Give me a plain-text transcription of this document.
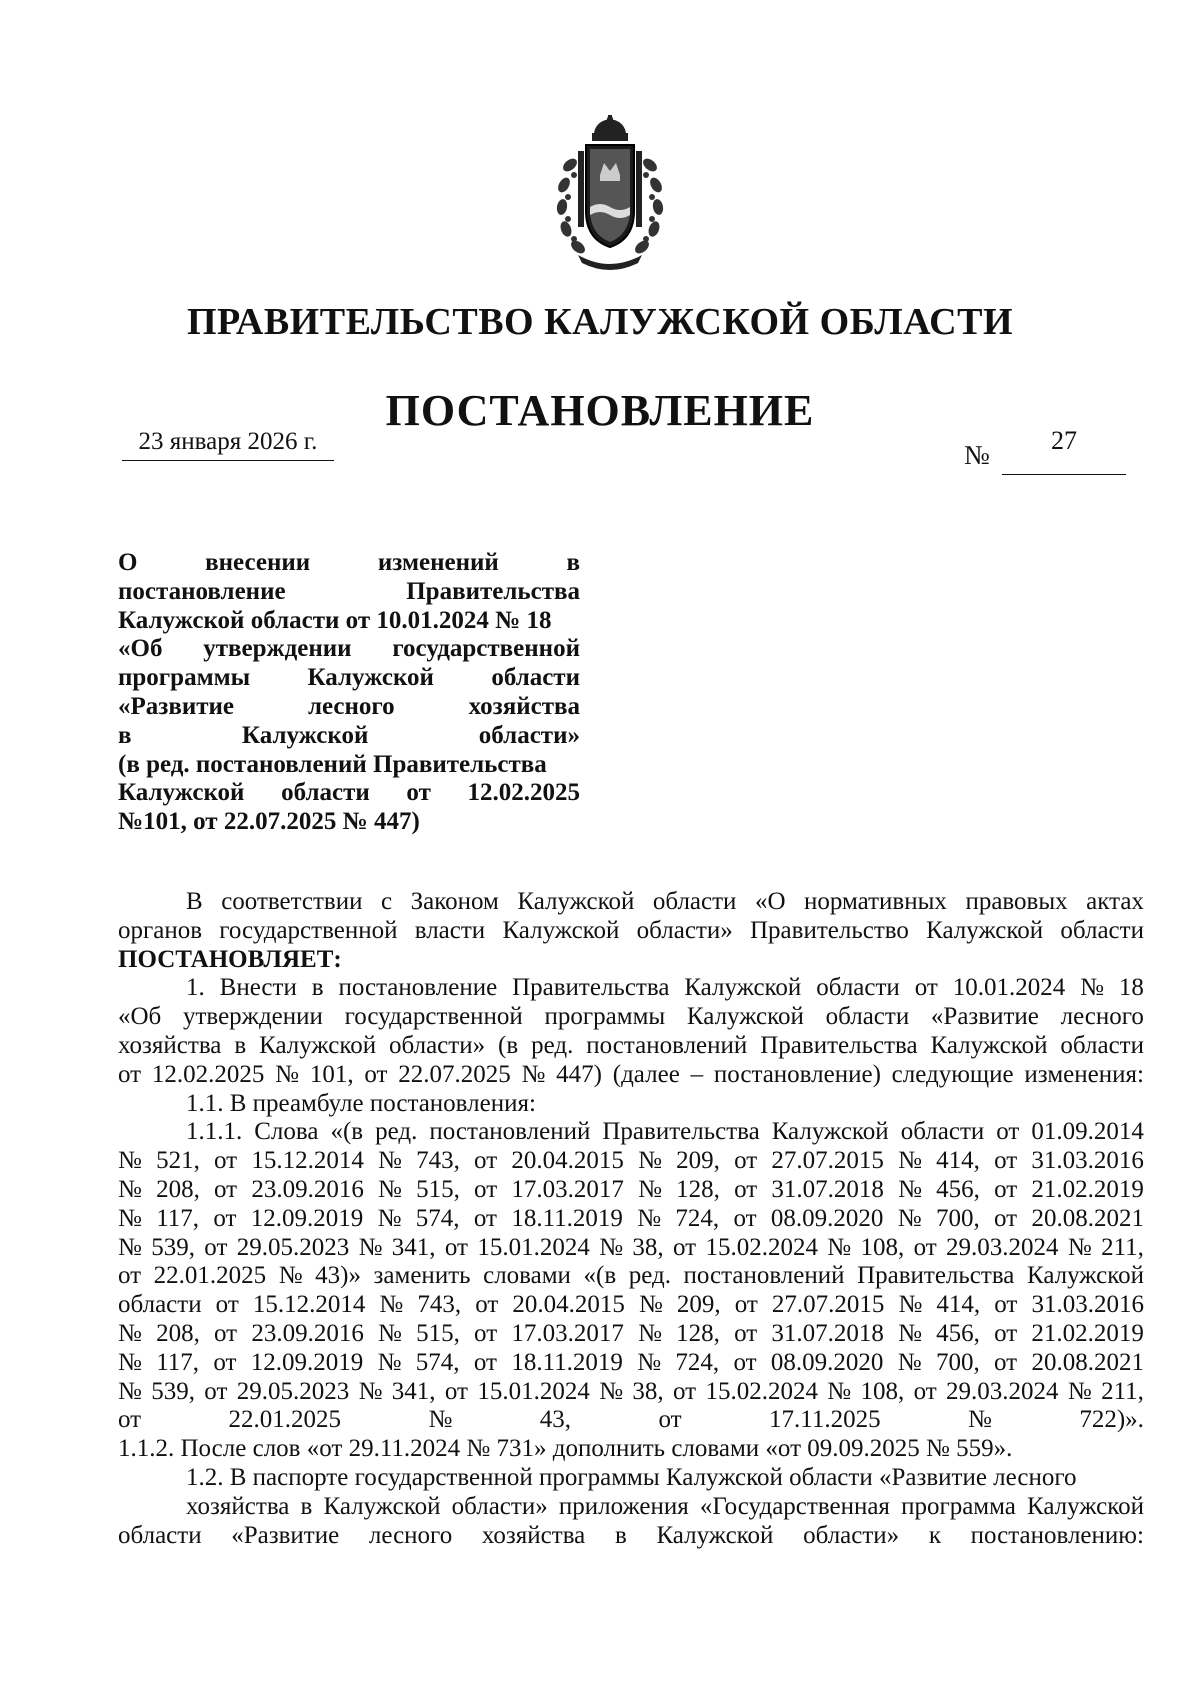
ПРАВИТЕЛЬСТВО КАЛУЖСКОЙ ОБЛАСТИ
ПОСТАНОВЛЕНИЕ
23 января 2026 г.	№	27
О	внесении	изменений	в
постановление	Правительства
Калужской области от 10.01.2024 № 18
«Об утверждении государственной
программы Калужской области
«Развитие	лесного	хозяйства
в	Калужской	области»
(в ред. постановлений Правительства
Калужской области от 12.02.2025
№101, от 22.07.2025 № 447)
В соответствии с Законом Калужской области «О нормативных правовых актах
органов государственной власти Калужской области» Правительство Калужской области
ПОСТАНОВЛЯЕТ:
1. Внести в постановление Правительства Калужской области от 10.01.2024 № 18
«Об утверждении государственной программы Калужской области «Развитие лесного
хозяйства в Калужской области» (в ред. постановлений Правительства Калужской области
от 12.02.2025 № 101, от 22.07.2025 № 447) (далее – постановление) следующие изменения:
1.1. В преамбуле постановления:
1.1.1. Слова «(в ред. постановлений Правительства Калужской области от 01.09.2014
№ 521, от 15.12.2014 № 743, от 20.04.2015 № 209, от 27.07.2015 № 414, от 31.03.2016
№ 208, от 23.09.2016 № 515, от 17.03.2017 № 128, от 31.07.2018 № 456, от 21.02.2019
№ 117, от 12.09.2019 № 574, от 18.11.2019 № 724, от 08.09.2020 № 700, от 20.08.2021
№ 539, от 29.05.2023 № 341, от 15.01.2024 № 38, от 15.02.2024 № 108, от 29.03.2024 № 211,
от 22.01.2025 № 43)» заменить словами «(в ред. постановлений Правительства Калужской
области от 15.12.2014 № 743, от 20.04.2015 № 209, от 27.07.2015 № 414, от 31.03.2016
№ 208, от 23.09.2016 № 515, от 17.03.2017 № 128, от 31.07.2018 № 456, от 21.02.2019
№ 117, от 12.09.2019 № 574, от 18.11.2019 № 724, от 08.09.2020 № 700, от 20.08.2021
№ 539, от 29.05.2023 № 341, от 15.01.2024 № 38, от 15.02.2024 № 108, от 29.03.2024 № 211,
от	22.01.2025	№	43,	от	17.11.2025	№	722)».
1.1.2. После слов «от 29.11.2024 № 731» дополнить словами «от 09.09.2025 № 559».
1.2. В паспорте государственной программы Калужской области «Развитие лесного
хозяйства в Калужской области» приложения «Государственная программа Калужской
области «Развитие лесного хозяйства в Калужской области» к постановлению:
